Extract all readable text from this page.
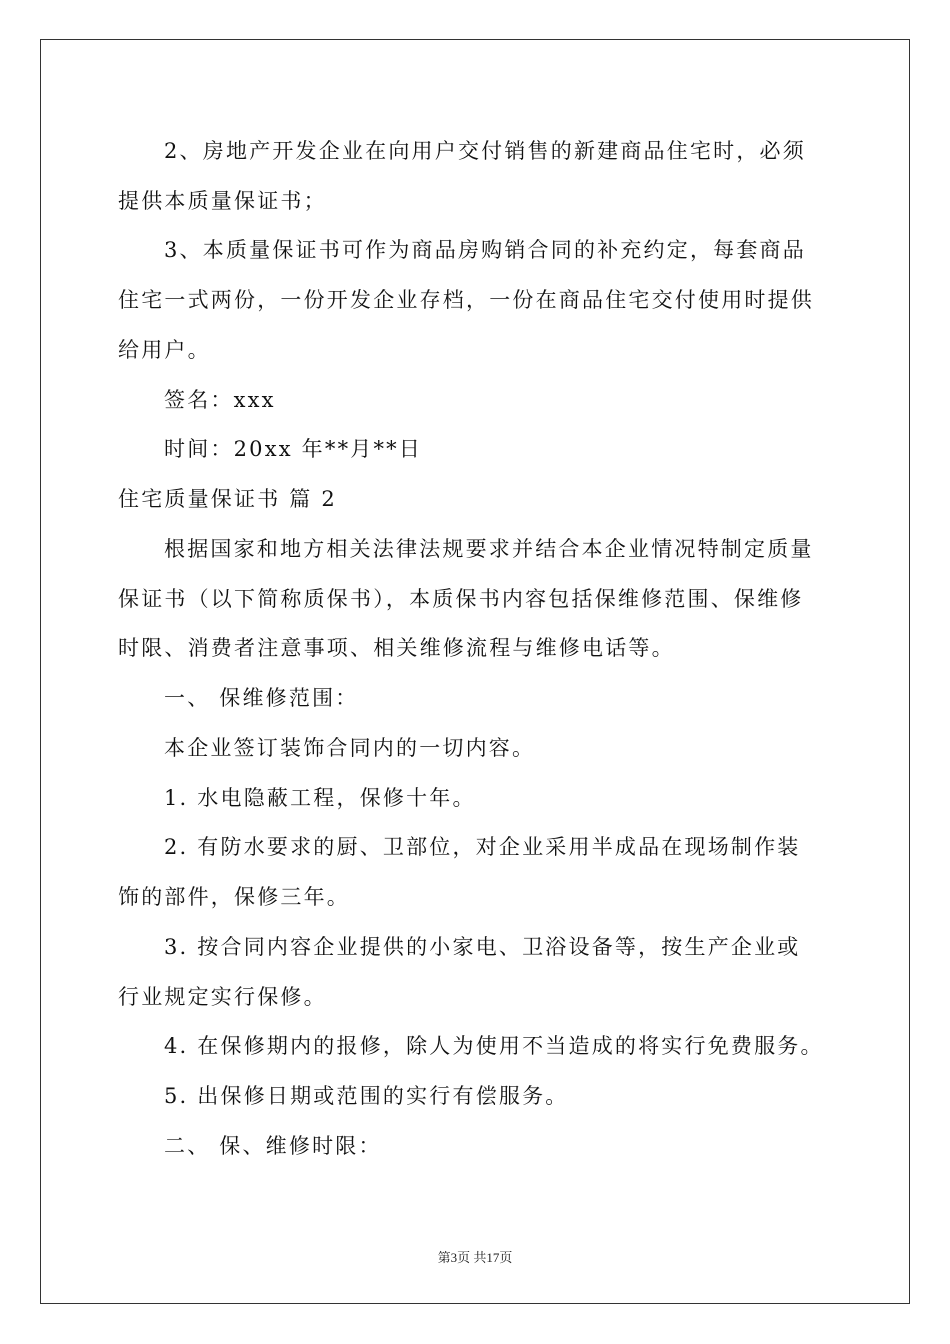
2、房地产开发企业在向用户交付销售的新建商品住宅时，必须
提供本质量保证书；
3、本质量保证书可作为商品房购销合同的补充约定，每套商品
住宅一式两份，一份开发企业存档，一份在商品住宅交付使用时提供
给用户。
签名：xxx
时间：20xx 年**月**日
住宅质量保证书 篇 2
根据国家和地方相关法律法规要求并结合本企业情况特制定质量
保证书（以下简称质保书），本质保书内容包括保维修范围、保维修
时限、消费者注意事项、相关维修流程与维修电话等。
一、 保维修范围：
本企业签订装饰合同内的一切内容。
1. 水电隐蔽工程，保修十年。
2. 有防水要求的厨、卫部位，对企业采用半成品在现场制作装
饰的部件，保修三年。
3. 按合同内容企业提供的小家电、卫浴设备等，按生产企业或
行业规定实行保修。
4. 在保修期内的报修，除人为使用不当造成的将实行免费服务。
5. 出保修日期或范围的实行有偿服务。
二、 保、维修时限：
第3页 共17页
